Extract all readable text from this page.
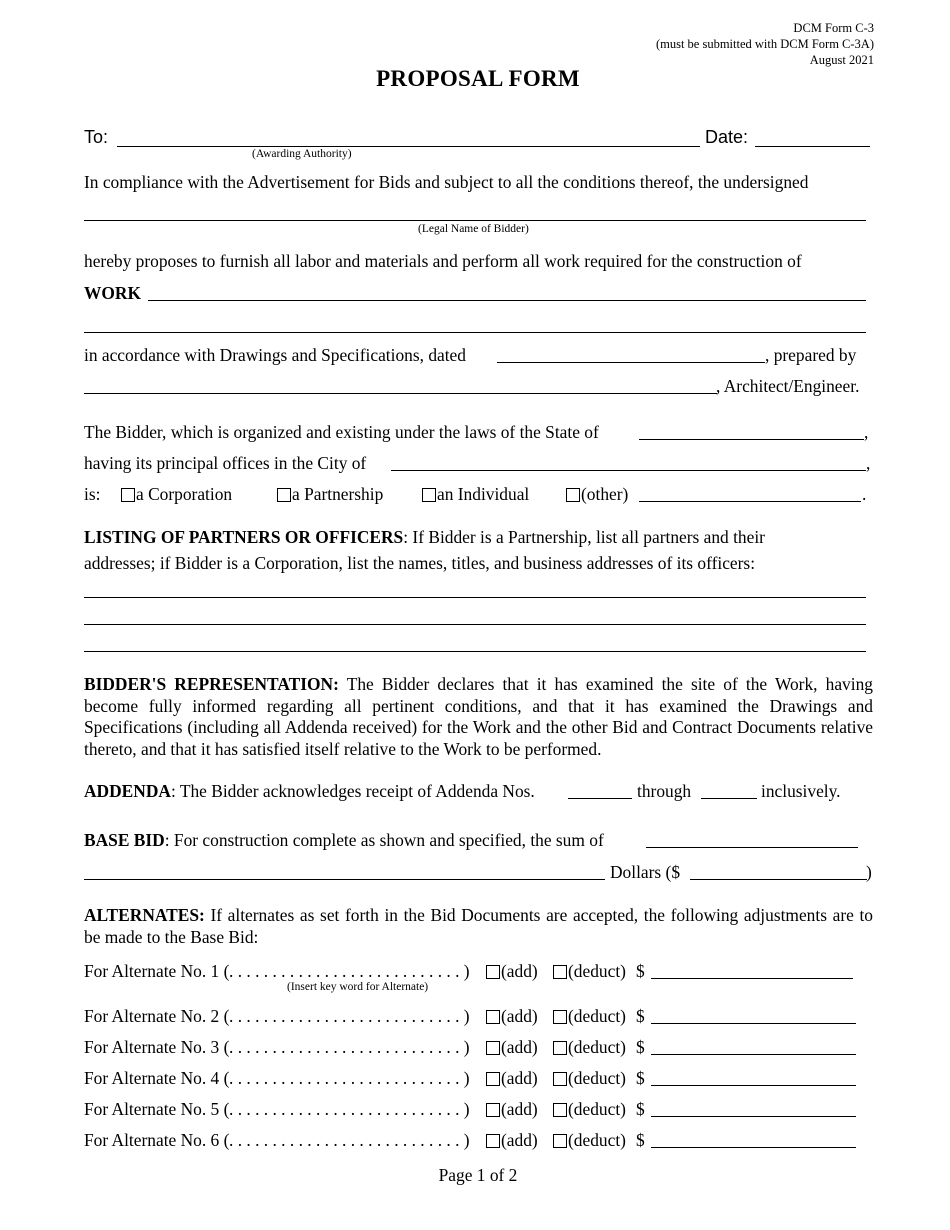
DCM Form C-3
(must be submitted with DCM Form C-3A)
August 2021
PROPOSAL FORM
To:	Date:
(Awarding Authority)
In compliance with the Advertisement for Bids and subject to all the conditions thereof, the undersigned
(Legal Name of Bidder)
hereby proposes to furnish all labor and materials and perform all work required for the construction of
WORK
in accordance with Drawings and Specifications, dated	, prepared by
, Architect/Engineer.
The Bidder, which is organized and existing under the laws of the State of	,
having its principal offices in the City of	,
is:	a Corporation	a Partnership	an Individual	(other)	.
LISTING OF PARTNERS OR OFFICERS: If Bidder is a Partnership, list all partners and their
addresses; if Bidder is a Corporation, list the names, titles, and business addresses of its officers:
BIDDER'S REPRESENTATION: The Bidder declares that it has examined the site of the Work, having become fully informed regarding all pertinent conditions, and that it has examined the Drawings and Specifications (including all Addenda received) for the Work and the other Bid and Contract Documents relative thereto, and that it has satisfied itself relative to the Work to be performed.
ADDENDA: The Bidder acknowledges receipt of Addenda Nos.	through	inclusively.
BASE BID: For construction complete as shown and specified, the sum of
Dollars ($	)
ALTERNATES: If alternates as set forth in the Bid Documents are accepted, the following adjustments are to be made to the Base Bid:
For Alternate No. 1 ( . . . . . . . . . . . . . . . . . . . . . . . . . . . )	(add)	(deduct) $
For Alternate No. 2 ( . . . . . . . . . . . . . . . . . . . . . . . . . . . )	(add)	(deduct) $
For Alternate No. 3 ( . . . . . . . . . . . . . . . . . . . . . . . . . . . )	(add)	(deduct) $
For Alternate No. 4 ( . . . . . . . . . . . . . . . . . . . . . . . . . . . )	(add)	(deduct) $
For Alternate No. 5 ( . . . . . . . . . . . . . . . . . . . . . . . . . . . )	(add)	(deduct) $
For Alternate No. 6 ( . . . . . . . . . . . . . . . . . . . . . . . . . . . )	(add)	(deduct) $
(Insert key word for Alternate)
Page 1 of 2
